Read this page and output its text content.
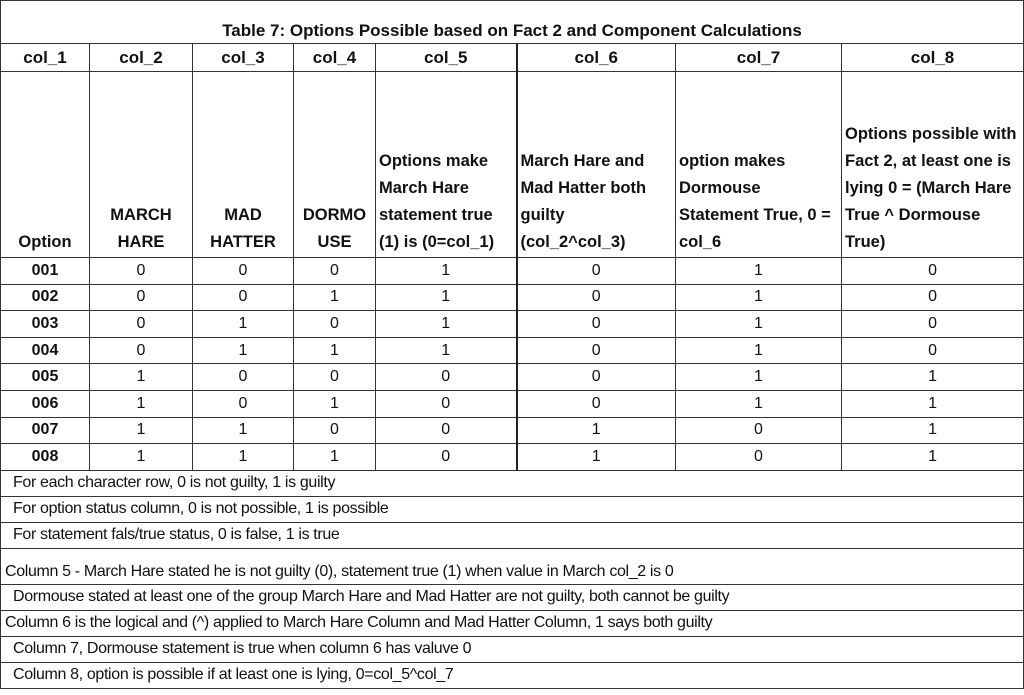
Table 7: Options Possible based on Fact 2 and Component Calculations							
col_1	col_2	col_3	col_4	col_5	col_6	col_7	col_8
Option	MARCH HARE	MAD HATTER	DORMO USE	Options make March Hare statement true (1) is (0=col_1)	March Hare and Mad Hatter both guilty (col_2^col_3)	option makes Dormouse Statement True, 0 = col_6	Options possible with Fact 2, at least one is lying 0 = (March Hare True ^ Dormouse True)
001	0	0	0	1	0	1	0
002	0	0	1	1	0	1	0
003	0	1	0	1	0	1	0
004	0	1	1	1	0	1	0
005	1	0	0	0	0	1	1
006	1	0	1	0	0	1	1
007	1	1	0	0	1	0	1
008	1	1	1	0	1	0	1
For each character row, 0 is not guilty, 1 is guilty							
For option status column, 0 is not possible, 1 is possible							
For statement fals/true status, 0 is false, 1 is true							
Column 5 - March Hare stated he is not guilty (0), statement true (1) when value in March col_2 is 0							
Dormouse stated at least one of the group March Hare and Mad Hatter are not guilty, both cannot be guilty							
Column 6 is the logical and (^) applied to March Hare Column and Mad Hatter Column, 1 says both guilty							
Column 7, Dormouse statement is true when column 6 has valuve 0							
Column 8, option is possible if at least one is lying, 0=col_5^col_7							
